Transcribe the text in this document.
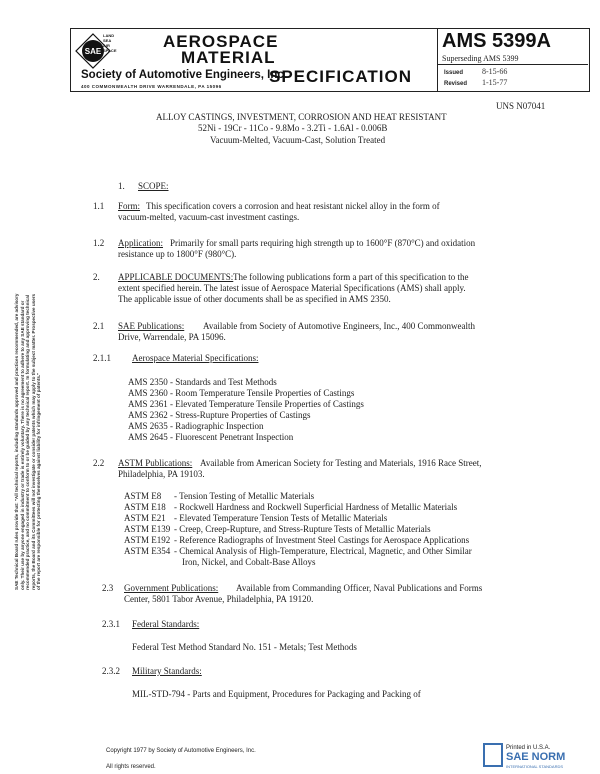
SAE
LAND
SEA
AIR
SPACE	AEROSPACE
MATERIAL
SPECIFICATION
Society of Automotive Engineers, Inc.
400 COMMONWEALTH DRIVE WARRENDALE, PA 15096
AMS 5399A
Superseding AMS 5399
Issued 8-15-66
Revised 1-15-77
SAE Technical Board rules provide that: "All technical reports, including standards approved and practices recommended, are advisory only. Their use by anyone engaged in industry or trade is entirely voluntary. There is no agreement to adhere to any SAE standard or recommended practice, and no commitment to conform to or be guided by any technical report. In formulating and approving technical reports, the Board and its Committees will not investigate or consider patents which may apply to the subject matter. Prospective users of the report are responsible for protecting themselves against liability for infringement of patents."
UNS N07041
ALLOY CASTINGS, INVESTMENT, CORROSION AND HEAT RESISTANT
52Ni - 19Cr - 11Co - 9.8Mo - 3.2Ti - 1.6Al - 0.006B
Vacuum-Melted, Vacuum-Cast, Solution Treated
1. SCOPE:
1.1 Form: This specification covers a corrosion and heat resistant nickel alloy in the form of
vacuum-melted, vacuum-cast investment castings.
1.2 Application: Primarily for small parts requiring high strength up to 1600°F (870°C) and oxidation
resistance up to 1800°F (980°C).
2. APPLICABLE DOCUMENTS: The following publications form a part of this specification to the
extent specified herein. The latest issue of Aerospace Material Specifications (AMS) shall apply.
The applicable issue of other documents shall be as specified in AMS 2350.
2.1 SAE Publications: Available from Society of Automotive Engineers, Inc., 400 Commonwealth
Drive, Warrendale, PA 15096.
2.1.1 Aerospace Material Specifications:
AMS 2350 - Standards and Test Methods
AMS 2360 - Room Temperature Tensile Properties of Castings
AMS 2361 - Elevated Temperature Tensile Properties of Castings
AMS 2362 - Stress-Rupture Properties of Castings
AMS 2635 - Radiographic Inspection
AMS 2645 - Fluorescent Penetrant Inspection
2.2 ASTM Publications: Available from American Society for Testing and Materials, 1916 Race Street,
Philadelphia, PA 19103.
ASTM E8 - Tension Testing of Metallic Materials
ASTM E18 - Rockwell Hardness and Rockwell Superficial Hardness of Metallic Materials
ASTM E21 - Elevated Temperature Tension Tests of Metallic Materials
ASTM E139 - Creep, Creep-Rupture, and Stress-Rupture Tests of Metallic Materials
ASTM E192 - Reference Radiographs of Investment Steel Castings for Aerospace Applications
ASTM E354 - Chemical Analysis of High-Temperature, Electrical, Magnetic, and Other Similar
Iron, Nickel, and Cobalt-Base Alloys
2.3 Government Publications: Available from Commanding Officer, Naval Publications and Forms
Center, 5801 Tabor Avenue, Philadelphia, PA 19120.
2.3.1 Federal Standards:
Federal Test Method Standard No. 151 - Metals; Test Methods
2.3.2 Military Standards:
MIL-STD-794 - Parts and Equipment, Procedures for Packaging and Packing of
Copyright 1977 by Society of Automotive Engineers, Inc.
All rights reserved.
Printed in U.S.A.
SAE NORM
INTERNATIONAL STANDARDS
